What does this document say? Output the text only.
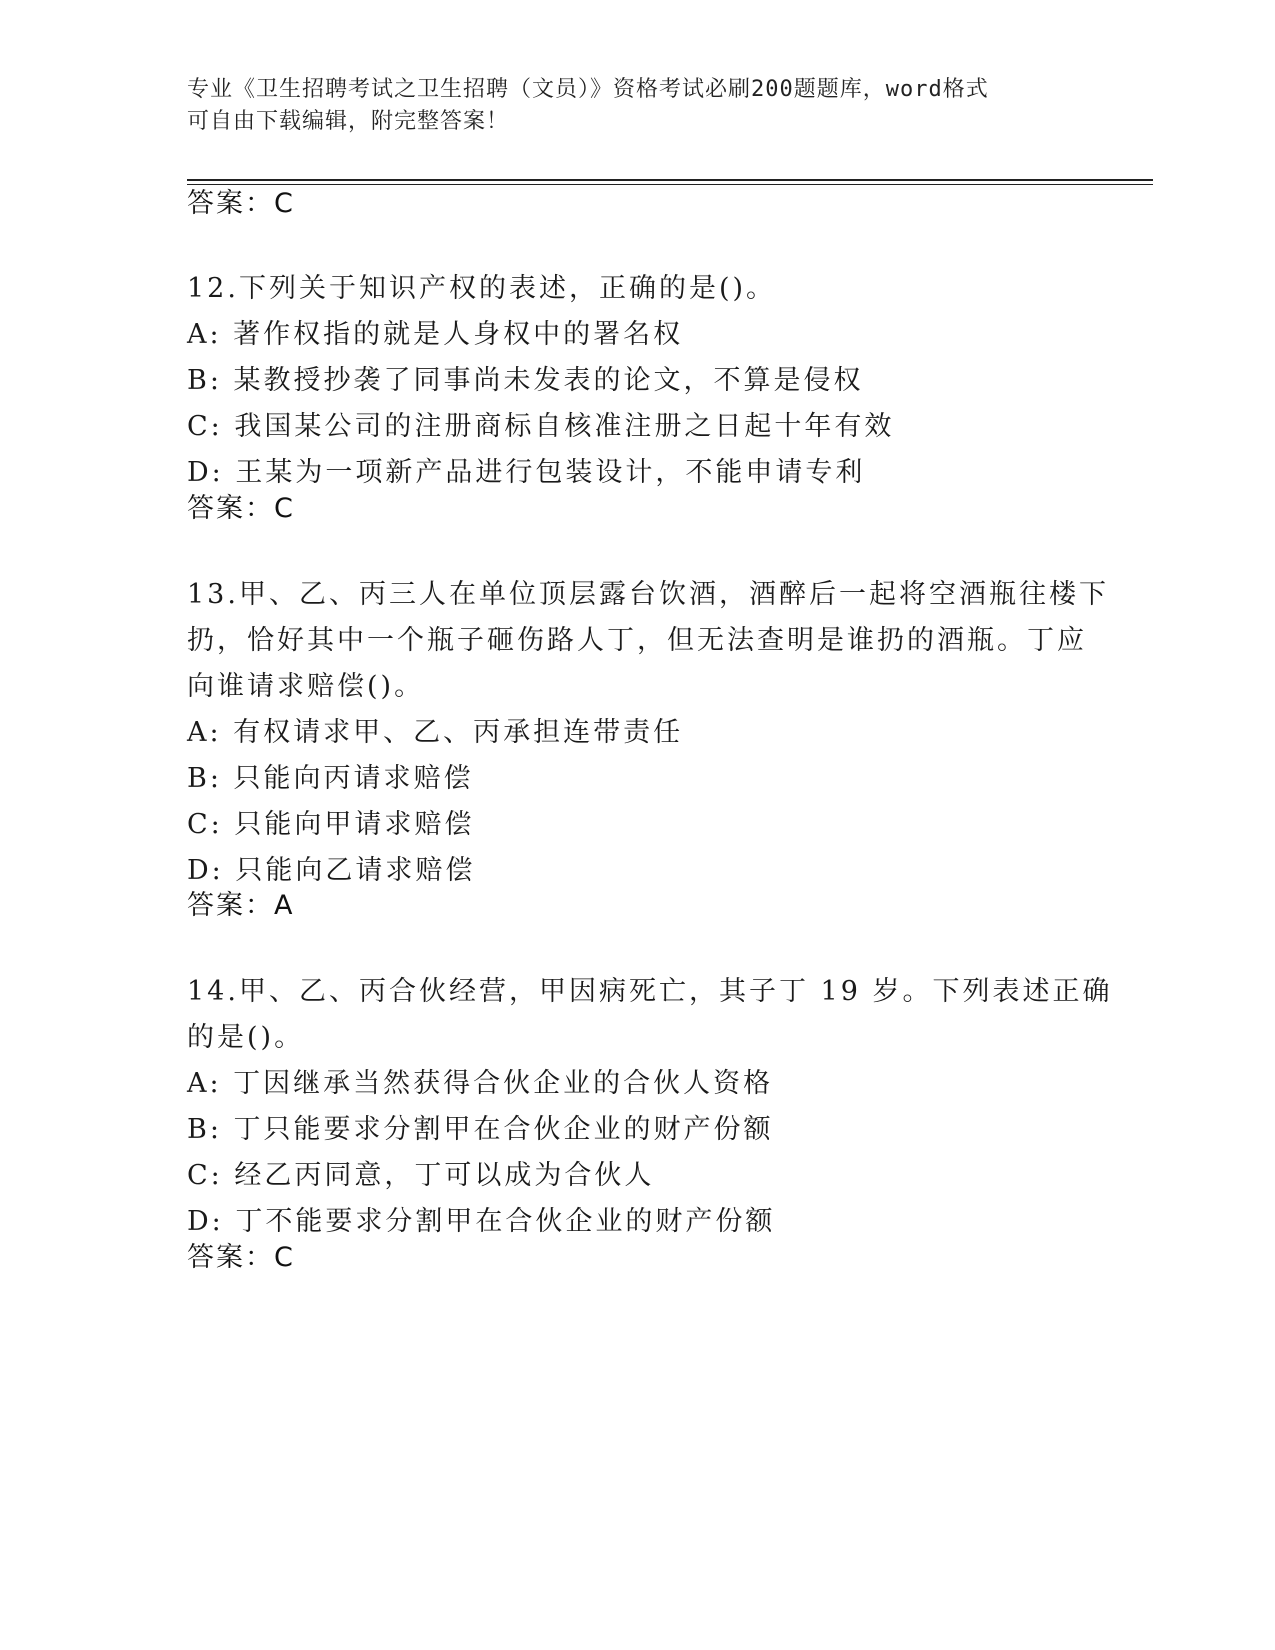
专业《卫生招聘考试之卫生招聘（文员）》资格考试必刷200题题库，word格式
可自由下载编辑，附完整答案！
答案：C
12.下列关于知识产权的表述，正确的是()。
A: 著作权指的就是人身权中的署名权
B: 某教授抄袭了同事尚未发表的论文，不算是侵权
C: 我国某公司的注册商标自核准注册之日起十年有效
D: 王某为一项新产品进行包装设计，不能申请专利
答案：C
13.甲、乙、丙三人在单位顶层露台饮酒，酒醉后一起将空酒瓶往楼下
扔，恰好其中一个瓶子砸伤路人丁，但无法查明是谁扔的酒瓶。丁应
向谁请求赔偿()。
A: 有权请求甲、乙、丙承担连带责任
B: 只能向丙请求赔偿
C: 只能向甲请求赔偿
D: 只能向乙请求赔偿
答案：A
14.甲、乙、丙合伙经营，甲因病死亡，其子丁 19 岁。下列表述正确
的是()。
A: 丁因继承当然获得合伙企业的合伙人资格
B: 丁只能要求分割甲在合伙企业的财产份额
C: 经乙丙同意，丁可以成为合伙人
D: 丁不能要求分割甲在合伙企业的财产份额
答案：C
